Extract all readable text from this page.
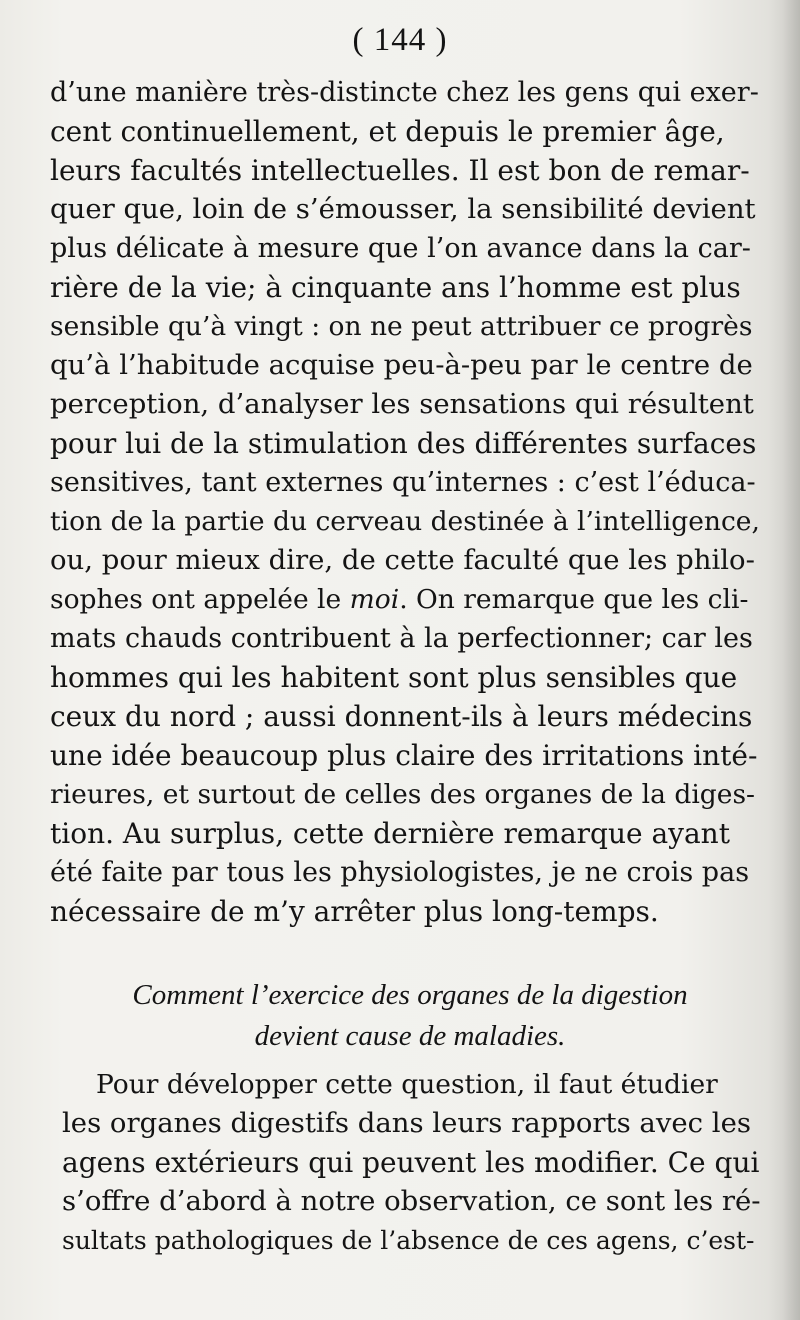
( 144 )
d’une manière très-distincte chez les gens qui exer-
cent continuellement, et depuis le premier âge,
leurs facultés intellectuelles. Il est bon de remar-
quer que, loin de s’émousser, la sensibilité devient
plus délicate à mesure que l’on avance dans la car-
rière de la vie; à cinquante ans l’homme est plus
sensible qu’à vingt : on ne peut attribuer ce progrès
qu’à l’habitude acquise peu-à-peu par le centre de
perception, d’analyser les sensations qui résultent
pour lui de la stimulation des différentes surfaces
sensitives, tant externes qu’internes : c’est l’éduca-
tion de la partie du cerveau destinée à l’intelligence,
ou, pour mieux dire, de cette faculté que les philo-
sophes ont appelée le moi. On remarque que les cli-
mats chauds contribuent à la perfectionner; car les
hommes qui les habitent sont plus sensibles que
ceux du nord ; aussi donnent-ils à leurs médecins
une idée beaucoup plus claire des irritations inté-
rieures, et surtout de celles des organes de la diges-
tion. Au surplus, cette dernière remarque ayant
été faite par tous les physiologistes, je ne crois pas
nécessaire de m’y arrêter plus long-temps.
Comment l’exercice des organes de la digestion
devient cause de maladies.
Pour développer cette question, il faut étudier
les organes digestifs dans leurs rapports avec les
agens extérieurs qui peuvent les modifier. Ce qui
s’offre d’abord à notre observation, ce sont les ré-
sultats pathologiques de l’absence de ces agens, c’est-
